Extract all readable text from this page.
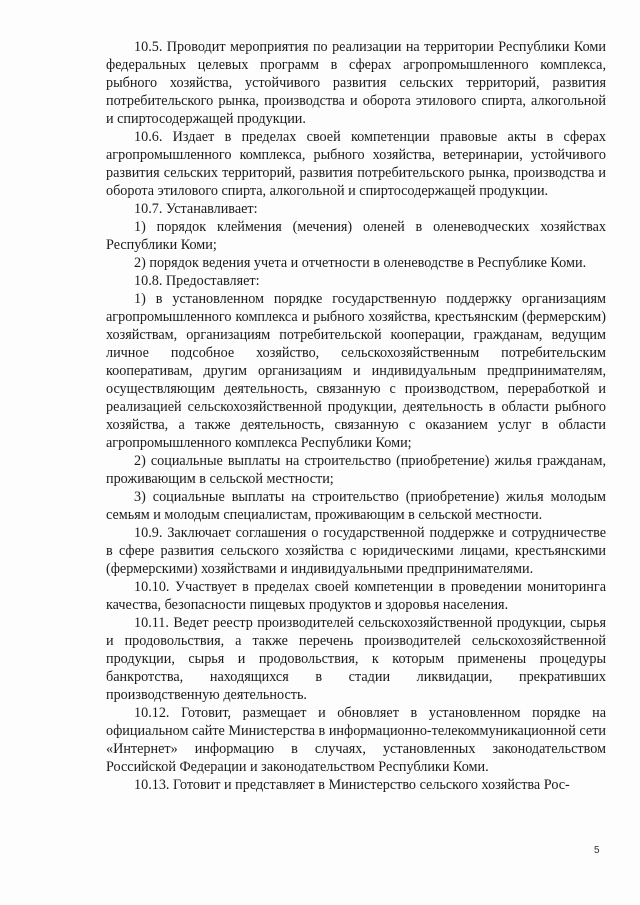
10.5. Проводит мероприятия по реализации на территории Республики Коми федеральных целевых программ в сферах агропромышленного комплекса, рыбного хозяйства, устойчивого развития сельских территорий, развития потребительского рынка, производства и оборота этилового спирта, алкогольной и спиртосодержащей продукции.

10.6. Издает в пределах своей компетенции правовые акты в сферах агропромышленного комплекса, рыбного хозяйства, ветеринарии, устойчивого развития сельских территорий, развития потребительского рынка, производства и оборота этилового спирта, алкогольной и спиртосодержащей продукции.

10.7. Устанавливает:

1) порядок клеймения (мечения) оленей в оленеводческих хозяйствах Республики Коми;

2) порядок ведения учета и отчетности в оленеводстве в Республике Коми.

10.8. Предоставляет:

1) в установленном порядке государственную поддержку организациям агропромышленного комплекса и рыбного хозяйства, крестьянским (фермерским) хозяйствам, организациям потребительской кооперации, гражданам, ведущим личное подсобное хозяйство, сельскохозяйственным потребительским кооперативам, другим организациям и индивидуальным предпринимателям, осуществляющим деятельность, связанную с производством, переработкой и реализацией сельскохозяйственной продукции, деятельность в области рыбного хозяйства, а также деятельность, связанную с оказанием услуг в области агропромышленного комплекса Республики Коми;

2) социальные выплаты на строительство (приобретение) жилья гражданам, проживающим в сельской местности;

3) социальные выплаты на строительство (приобретение) жилья молодым семьям и молодым специалистам, проживающим в сельской местности.

10.9. Заключает соглашения о государственной поддержке и сотрудничестве в сфере развития сельского хозяйства с юридическими лицами, крестьянскими (фермерскими) хозяйствами и индивидуальными предпринимателями.

10.10. Участвует в пределах своей компетенции в проведении мониторинга качества, безопасности пищевых продуктов и здоровья населения.

10.11. Ведет реестр производителей сельскохозяйственной продукции, сырья и продовольствия, а также перечень производителей сельскохозяйственной продукции, сырья и продовольствия, к которым применены процедуры банкротства, находящихся в стадии ликвидации, прекративших производственную деятельность.

10.12. Готовит, размещает и обновляет в установленном порядке на официальном сайте Министерства в информационно-телекоммуникационной сети «Интернет» информацию в случаях, установленных законодательством Российской Федерации и законодательством Республики Коми.

10.13. Готовит и представляет в Министерство сельского хозяйства Рос-

5
